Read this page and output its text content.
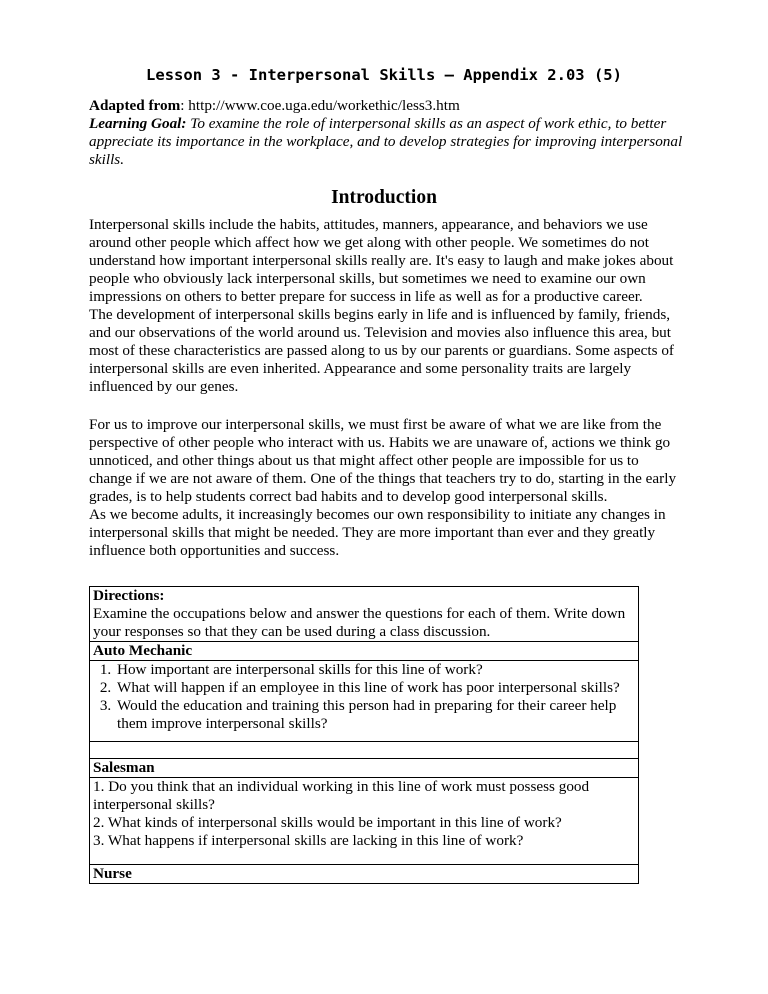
Lesson 3 - Interpersonal Skills – Appendix 2.03 (5)

Adapted from: http://www.coe.uga.edu/workethic/less3.htm

Learning Goal: To examine the role of interpersonal skills as an aspect of work ethic, to better appreciate its importance in the workplace, and to develop strategies for improving interpersonal skills.

Introduction

Interpersonal skills include the habits, attitudes, manners, appearance, and behaviors we use
around other people which affect how we get along with other people. We sometimes do not
understand how important interpersonal skills really are. It's easy to laugh and make jokes about
people who obviously lack interpersonal skills, but sometimes we need to examine our own
impressions on others to better prepare for success in life as well as for a productive career.
The development of interpersonal skills begins early in life and is influenced by family, friends,
and our observations of the world around us. Television and movies also influence this area, but
most of these characteristics are passed along to us by our parents or guardians. Some aspects of
interpersonal skills are even inherited. Appearance and some personality traits are largely
influenced by our genes.

For us to improve our interpersonal skills, we must first be aware of what we are like from the
perspective of other people who interact with us. Habits we are unaware of, actions we think go
unnoticed, and other things about us that might affect other people are impossible for us to
change if we are not aware of them. One of the things that teachers try to do, starting in the early
grades, is to help students correct bad habits and to develop good interpersonal skills.
As we become adults, it increasingly becomes our own responsibility to initiate any changes in
interpersonal skills that might be needed. They are more important than ever and they greatly
influence both opportunities and success.

Directions:
Examine the occupations below and answer the questions for each of them. Write down
your responses so that they can be used during a class discussion.

Auto Mechanic

1. How important are interpersonal skills for this line of work?
2. What will happen if an employee in this line of work has poor interpersonal skills?
3. Would the education and training this person had in preparing for their career help them improve interpersonal skills?

Salesman

1. Do you think that an individual working in this line of work must possess good
interpersonal skills?
2. What kinds of interpersonal skills would be important in this line of work?
3. What happens if interpersonal skills are lacking in this line of work?

Nurse
